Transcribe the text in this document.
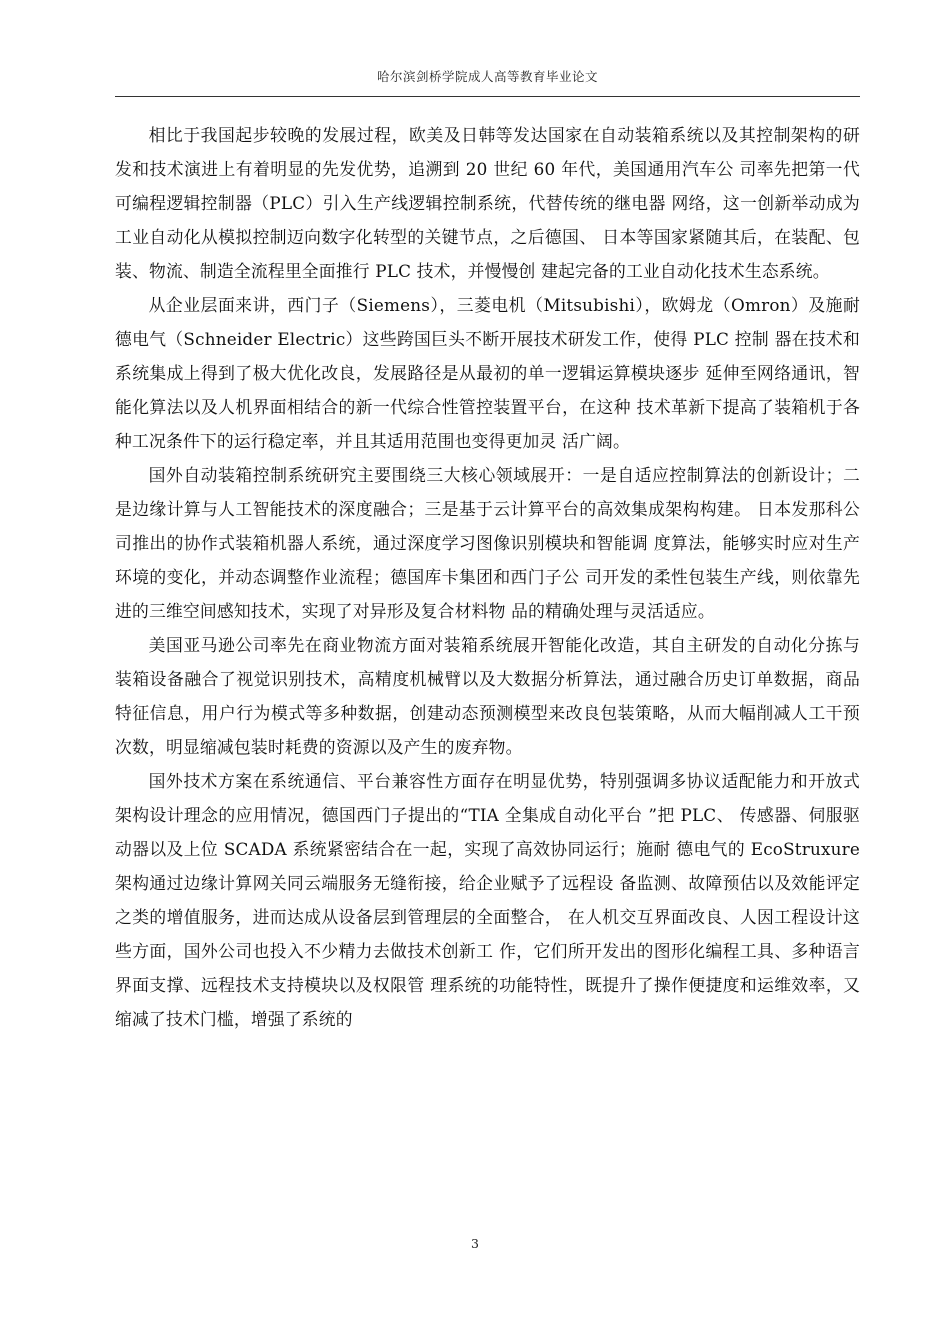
哈尔滨剑桥学院成人高等教育毕业论文

相比于我国起步较晚的发展过程，欧美及日韩等发达国家在自动装箱系统以及其控制架构的研发和技术演进上有着明显的先发优势，追溯到 20 世纪 60 年代，美国通用汽车公 司率先把第一代可编程逻辑控制器（PLC）引入生产线逻辑控制系统，代替传统的继电器 网络，这一创新举动成为工业自动化从模拟控制迈向数字化转型的关键节点，之后德国、 日本等国家紧随其后，在装配、包装、物流、制造全流程里全面推行 PLC 技术，并慢慢创 建起完备的工业自动化技术生态系统。

从企业层面来讲，西门子（Siemens），三菱电机（Mitsubishi），欧姆龙（Omron）及施耐德电气（Schneider Electric）这些跨国巨头不断开展技术研发工作，使得 PLC 控制 器在技术和系统集成上得到了极大优化改良，发展路径是从最初的单一逻辑运算模块逐步 延伸至网络通讯，智能化算法以及人机界面相结合的新一代综合性管控装置平台，在这种 技术革新下提高了装箱机于各种工况条件下的运行稳定率，并且其适用范围也变得更加灵 活广阔。

国外自动装箱控制系统研究主要围绕三大核心领域展开：一是自适应控制算法的创新设计；二是边缘计算与人工智能技术的深度融合；三是基于云计算平台的高效集成架构构建。 日本发那科公司推出的协作式装箱机器人系统，通过深度学习图像识别模块和智能调 度算法，能够实时应对生产环境的变化，并动态调整作业流程；德国库卡集团和西门子公 司开发的柔性包装生产线，则依靠先进的三维空间感知技术，实现了对异形及复合材料物 品的精确处理与灵活适应。

美国亚马逊公司率先在商业物流方面对装箱系统展开智能化改造，其自主研发的自动化分拣与装箱设备融合了视觉识别技术，高精度机械臂以及大数据分析算法，通过融合历史订单数据，商品特征信息，用户行为模式等多种数据，创建动态预测模型来改良包装策略，从而大幅削减人工干预次数，明显缩减包装时耗费的资源以及产生的废弃物。

国外技术方案在系统通信、平台兼容性方面存在明显优势，特别强调多协议适配能力和开放式架构设计理念的应用情况，德国西门子提出的“TIA 全集成自动化平台 ”把 PLC、 传感器、伺服驱动器以及上位 SCADA 系统紧密结合在一起，实现了高效协同运行；施耐 德电气的 EcoStruxure 架构通过边缘计算网关同云端服务无缝衔接，给企业赋予了远程设 备监测、故障预估以及效能评定之类的增值服务，进而达成从设备层到管理层的全面整合， 在人机交互界面改良、人因工程设计这些方面，国外公司也投入不少精力去做技术创新工 作，它们所开发出的图形化编程工具、多种语言界面支撑、远程技术支持模块以及权限管 理系统的功能特性，既提升了操作便捷度和运维效率，又缩减了技术门槛，增强了系统的

3
